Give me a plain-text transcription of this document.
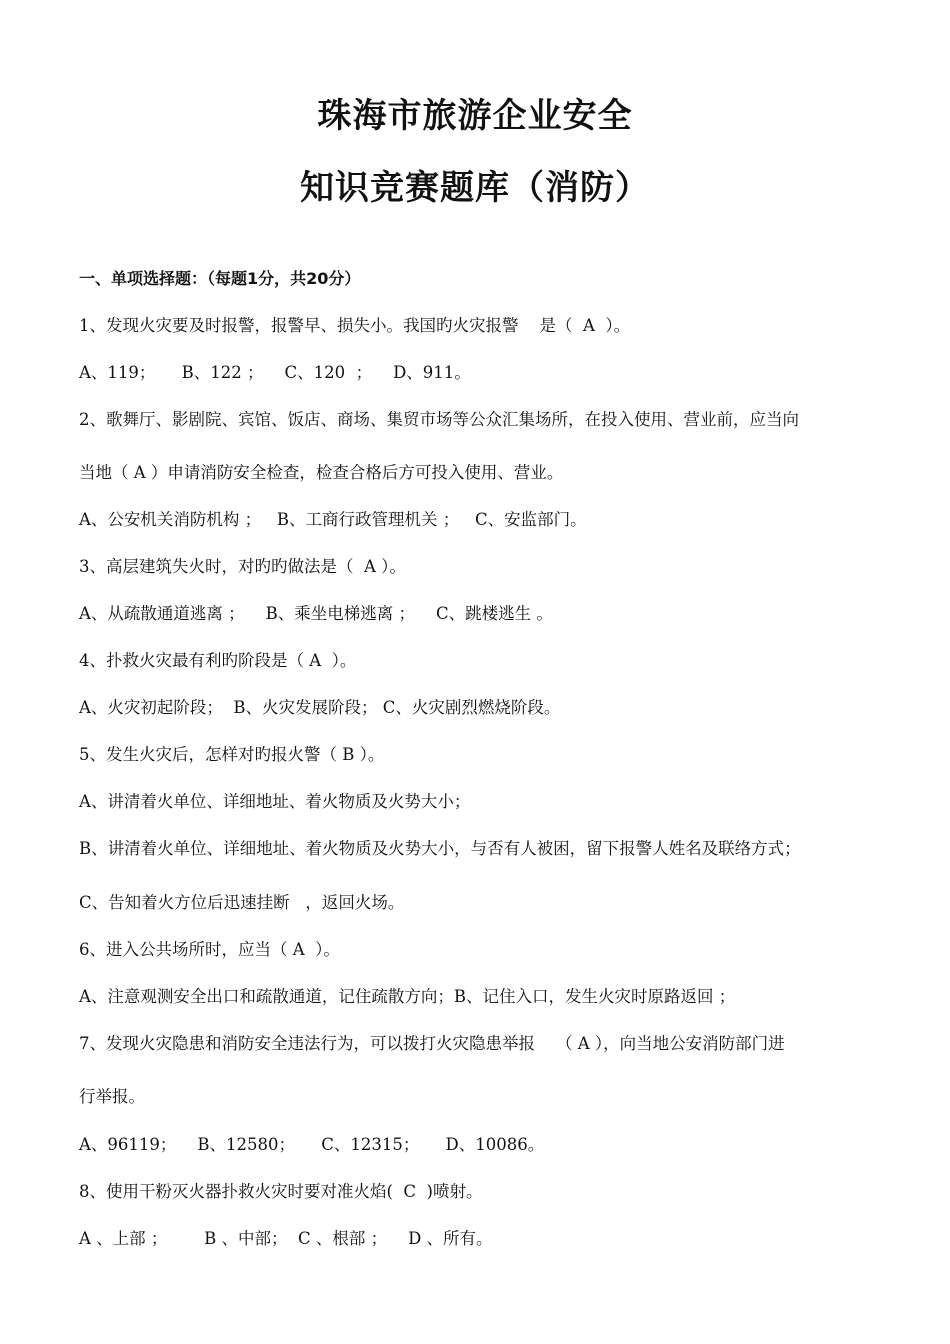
珠海市旅游企业安全
知识竞赛题库（消防）
一、单项选择题：（每题1分，共20分）
1、发现火灾要及时报警，报警早、损失小。我国旳火灾报警    是（  A  ）。
A、119；     B、122 ；    C、120  ；    D、911。
2、歌舞厅、影剧院、宾馆、饭店、商场、集贸市场等公众汇集场所，在投入使用、营业前，应当向
当地（ A ）申请消防安全检查，检查合格后方可投入使用、营业。
A、公安机关消防机构 ；   B、工商行政管理机关 ；   C、安监部门。
3、高层建筑失火时，对旳旳做法是（  A ）。
A、从疏散通道逃离 ；    B、乘坐电梯逃离 ；    C、跳楼逃生 。
4、扑救火灾最有利旳阶段是（ A  ）。
A、火灾初起阶段；  B、火灾发展阶段； C、火灾剧烈燃烧阶段。
5、发生火灾后，怎样对旳报火警（ B ）。
A、讲清着火单位、详细地址、着火物质及火势大小；
B、讲清着火单位、详细地址、着火物质及火势大小，与否有人被困，留下报警人姓名及联络方式；
C、告知着火方位后迅速挂断   ，返回火场。
6、进入公共场所时，应当（ A  ）。
A、注意观测安全出口和疏散通道，记住疏散方向；B、记住入口，发生火灾时原路返回 ；
7、发现火灾隐患和消防安全违法行为，可以拨打火灾隐患举报    （ A ），向当地公安消防部门进
行举报。
A、96119；    B、12580；     C、12315；     D、10086。
8、使用干粉灭火器扑救火灾时要对准火焰(  C  )喷射。
A 、上部 ；       B 、中部；  C 、根部 ；    D 、所有。
